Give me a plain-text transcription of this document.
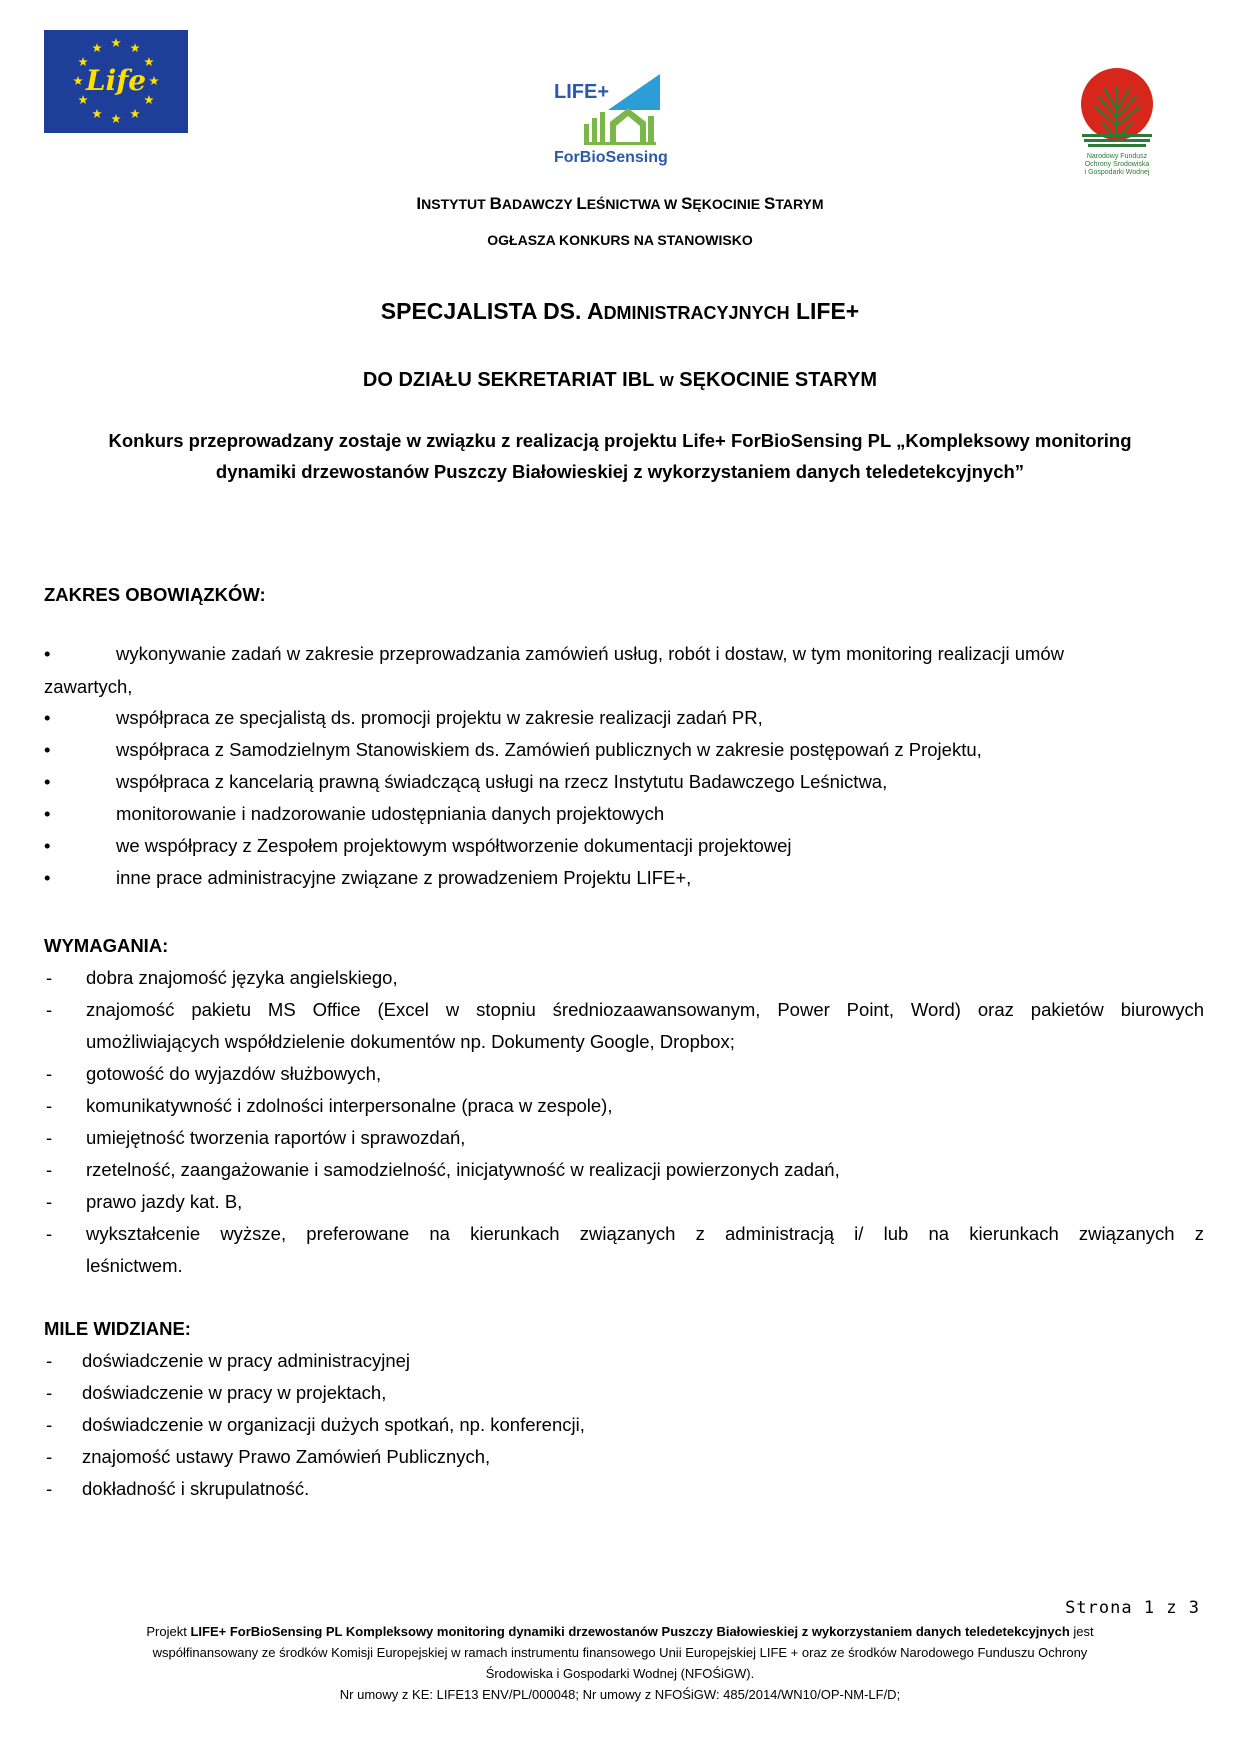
Life	LIFE+
ForBioSensing	Narodowy Fundusz
Ochrony Środowiska
i Gospodarki Wodnej
INSTYTUT BADAWCZY LEŚNICTWA W SĘKOCINIE STARYM
OGŁASZA KONKURS NA STANOWISKO
SPECJALISTA DS. ADMINISTRACYJNYCH LIFE+
DO DZIAŁU SEKRETARIAT IBL W SĘKOCINIE STARYM
Konkurs przeprowadzany zostaje w związku z realizacją projektu Life+ ForBioSensing PL „Kompleksowy monitoring
dynamiki drzewostanów Puszczy Białowieskiej z wykorzystaniem danych teledetekcyjnych”
ZAKRES OBOWIĄZKÓW:
•	wykonywanie zadań w zakresie przeprowadzania zamówień usług, robót i dostaw, w tym monitoring realizacji umów
zawartych,
•	współpraca ze specjalistą ds. promocji projektu w zakresie realizacji zadań PR,
•	współpraca z Samodzielnym Stanowiskiem ds. Zamówień publicznych w zakresie postępowań z Projektu,
•	współpraca z kancelarią prawną świadczącą usługi na rzecz Instytutu Badawczego Leśnictwa,
•	monitorowanie i nadzorowanie udostępniania danych projektowych
•	we współpracy z Zespołem projektowym współtworzenie dokumentacji projektowej
•	inne prace administracyjne związane z prowadzeniem Projektu LIFE+,
WYMAGANIA:
- dobra znajomość języka angielskiego,
- znajomość pakietu MS Office (Excel w stopniu średniozaawansowanym, Power Point, Word) oraz pakietów biurowych
umożliwiających współdzielenie dokumentów np. Dokumenty Google, Dropbox;
- gotowość do wyjazdów służbowych,
- komunikatywność i zdolności interpersonalne (praca w zespole),
- umiejętność tworzenia raportów i sprawozdań,
- rzetelność, zaangażowanie i samodzielność, inicjatywność w realizacji powierzonych zadań,
- prawo jazdy kat. B,
- wykształcenie wyższe, preferowane na kierunkach związanych z administracją i/ lub na kierunkach związanych z
leśnictwem.
MILE WIDZIANE:
- doświadczenie w pracy administracyjnej
- doświadczenie w pracy w projektach,
- doświadczenie w organizacji dużych spotkań, np. konferencji,
- znajomość ustawy Prawo Zamówień Publicznych,
- dokładność i skrupulatność.
Strona 1 z 3
Projekt LIFE+ ForBioSensing PL Kompleksowy monitoring dynamiki drzewostanów Puszczy Białowieskiej z wykorzystaniem danych teledetekcyjnych jest
współfinansowany ze środków Komisji Europejskiej w ramach instrumentu finansowego Unii Europejskiej LIFE + oraz ze środków Narodowego Funduszu Ochrony
Środowiska i Gospodarki Wodnej (NFOŚiGW).
Nr umowy z KE: LIFE13 ENV/PL/000048; Nr umowy z NFOŚiGW: 485/2014/WN10/OP-NM-LF/D;
